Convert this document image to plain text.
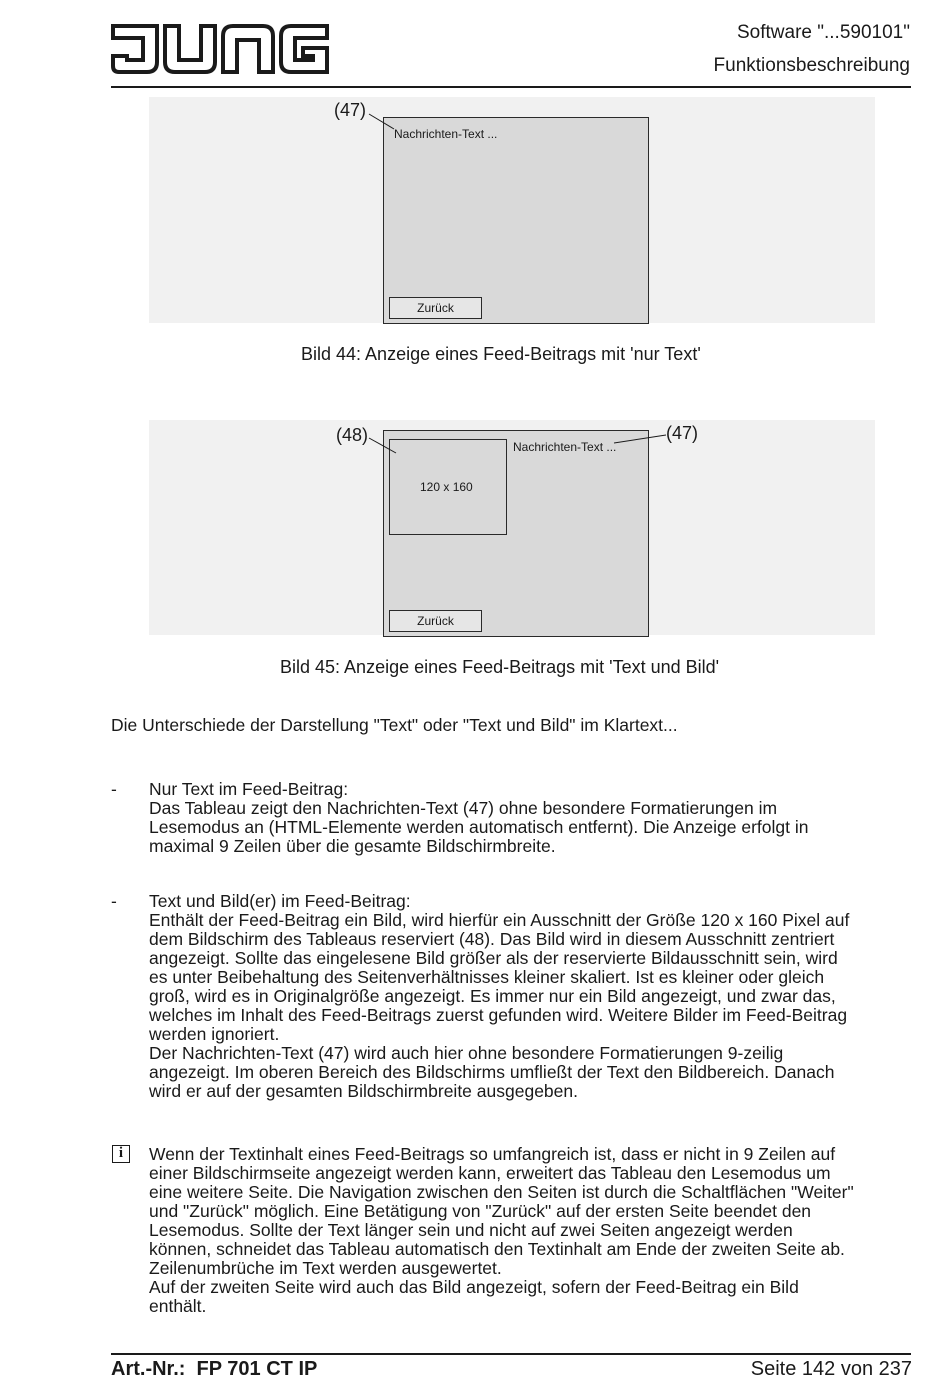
Software "...590101"
Funktionsbeschreibung
(47)
Nachrichten-Text ...
Zurück
Bild 44: Anzeige eines Feed-Beitrags mit 'nur Text'
120 x 160
(48)
Nachrichten-Text ...
(47)
Zurück
Bild 45: Anzeige eines Feed-Beitrags mit 'Text und Bild'
Die Unterschiede der Darstellung "Text" oder "Text und Bild" im Klartext...
- Nur Text im Feed-Beitrag:
Das Tableau zeigt den Nachrichten-Text (47) ohne besondere Formatierungen im
Lesemodus an (HTML-Elemente werden automatisch entfernt). Die Anzeige erfolgt in
maximal 9 Zeilen über die gesamte Bildschirmbreite.
- Text und Bild(er) im Feed-Beitrag:
Enthält der Feed-Beitrag ein Bild, wird hierfür ein Ausschnitt der Größe 120 x 160 Pixel auf
dem Bildschirm des Tableaus reserviert (48). Das Bild wird in diesem Ausschnitt zentriert
angezeigt. Sollte das eingelesene Bild größer als der reservierte Bildausschnitt sein, wird
es unter Beibehaltung des Seitenverhältnisses kleiner skaliert. Ist es kleiner oder gleich
groß, wird es in Originalgröße angezeigt. Es immer nur ein Bild angezeigt, und zwar das,
welches im Inhalt des Feed-Beitrags zuerst gefunden wird. Weitere Bilder im Feed-Beitrag
werden ignoriert.
Der Nachrichten-Text (47) wird auch hier ohne besondere Formatierungen 9-zeilig
angezeigt. Im oberen Bereich des Bildschirms umfließt der Text den Bildbereich. Danach
wird er auf der gesamten Bildschirmbreite ausgegeben.
i	Wenn der Textinhalt eines Feed-Beitrags so umfangreich ist, dass er nicht in 9 Zeilen auf
einer Bildschirmseite angezeigt werden kann, erweitert das Tableau den Lesemodus um
eine weitere Seite. Die Navigation zwischen den Seiten ist durch die Schaltflächen "Weiter"
und "Zurück" möglich. Eine Betätigung von "Zurück" auf der ersten Seite beendet den
Lesemodus. Sollte der Text länger sein und nicht auf zwei Seiten angezeigt werden
können, schneidet das Tableau automatisch den Textinhalt am Ende der zweiten Seite ab.
Zeilenumbrüche im Text werden ausgewertet.
Auf der zweiten Seite wird auch das Bild angezeigt, sofern der Feed-Beitrag ein Bild
enthält.
Art.-Nr.:  FP 701 CT IP	Seite 142 von 237
